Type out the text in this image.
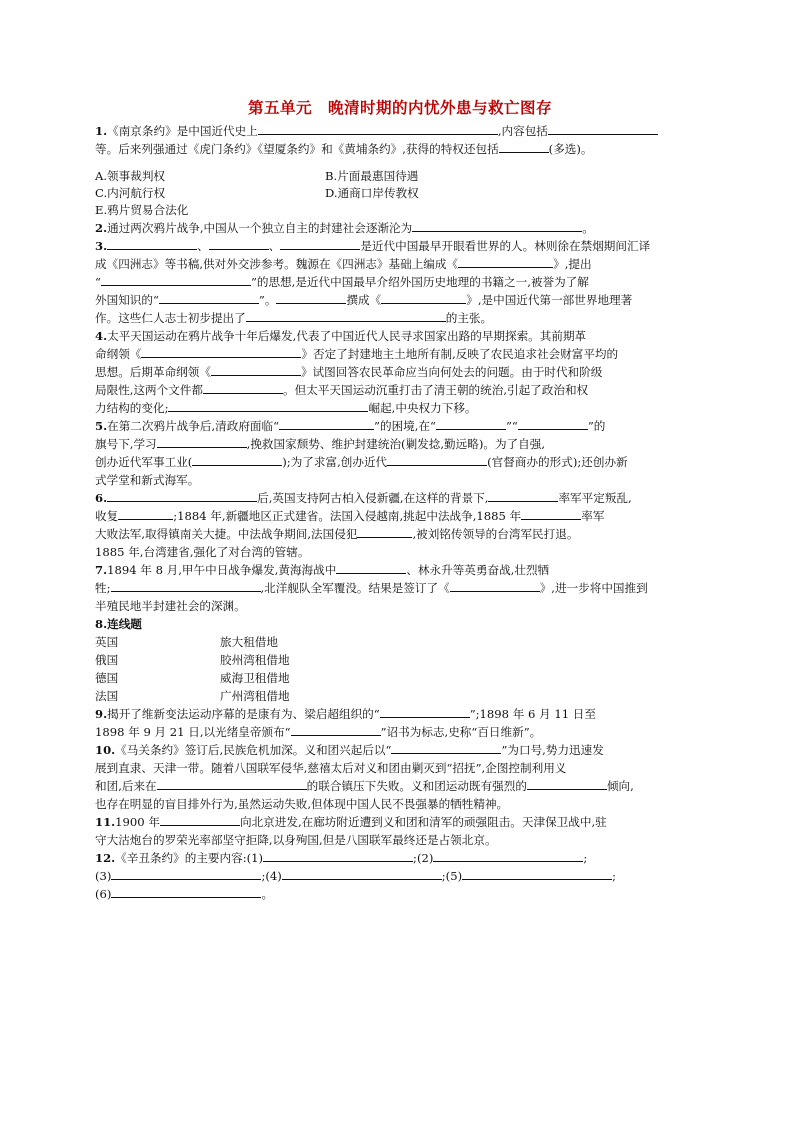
第五单元　晚清时期的内忧外患与救亡图存

1.《南京条约》是中国近代史上	,内容包括
等。后来列强通过《虎门条约》《望厦条约》和《黄埔条约》,获得的特权还包括	(多选)。

A.领事裁判权	B.片面最惠国待遇
C.内河航行权	D.通商口岸传教权
E.鸦片贸易合法化

2.通过两次鸦片战争,中国从一个独立自主的封建社会逐渐沦为	。

3.	、	、	是近代中国最早开眼看世界的人。林则徐在禁烟期间汇译
成《四洲志》等书稿,供对外交涉参考。魏源在《四洲志》基础上编成《	》,提出
“	”的思想,是近代中国最早介绍外国历史地理的书籍之一,被誉为了解
外国知识的“	”。	撰成《	》,是中国近代第一部世界地理著
作。这些仁人志士初步提出了	的主张。

4.太平天国运动在鸦片战争十年后爆发,代表了中国近代人民寻求国家出路的早期探索。其前期革
命纲领《	》否定了封建地主土地所有制,反映了农民追求社会财富平均的
思想。后期革命纲领《	》试图回答农民革命应当向何处去的问题。由于时代和阶级
局限性,这两个文件都	。但太平天国运动沉重打击了清王朝的统治,引起了政治和权
力结构的变化;	崛起,中央权力下移。

5.在第二次鸦片战争后,清政府面临“	”的困境,在“	”“	”的
旗号下,学习	,挽救国家颓势、维护封建统治(剿发捻,勤远略)。为了自强,
创办近代军事工业(	);为了求富,创办近代	(官督商办的形式);还创办新
式学堂和新式海军。

6.	后,英国支持阿古柏入侵新疆,在这样的背景下,	率军平定叛乱,
收复	;1884 年,新疆地区正式建省。法国入侵越南,挑起中法战争,1885 年	率军
大败法军,取得镇南关大捷。中法战争期间,法国侵犯	,被刘铭传领导的台湾军民打退。
1885 年,台湾建省,强化了对台湾的管辖。

7.1894 年 8 月,甲午中日战争爆发,黄海海战中	、林永升等英勇奋战,壮烈牺
牲;	,北洋舰队全军覆没。结果是签订了《	》,进一步将中国推到
半殖民地半封建社会的深渊。

8.连线题

英国	旅大租借地
俄国	胶州湾租借地
德国	威海卫租借地
法国	广州湾租借地

9.揭开了维新变法运动序幕的是康有为、梁启超组织的“	”;1898 年 6 月 11 日至
1898 年 9 月 21 日,以光绪皇帝颁布“	”诏书为标志,史称“百日维新”。

10.《马关条约》签订后,民族危机加深。义和团兴起后以“	”为口号,势力迅速发
展到直隶、天津一带。随着八国联军侵华,慈禧太后对义和团由剿灭到“招抚”,企图控制利用义
和团,后来在	的联合镇压下失败。义和团运动既有强烈的	倾向,
也存在明显的盲目排外行为,虽然运动失败,但体现中国人民不畏强暴的牺牲精神。

11.1900 年	向北京进发,在廊坊附近遭到义和团和清军的顽强阻击。天津保卫战中,驻
守大沽炮台的罗荣光率部坚守拒降,以身殉国,但是八国联军最终还是占领北京。

12.《辛丑条约》的主要内容:(1)	;(2)	;
(3)	;(4)	;(5)	;
(6)	。
